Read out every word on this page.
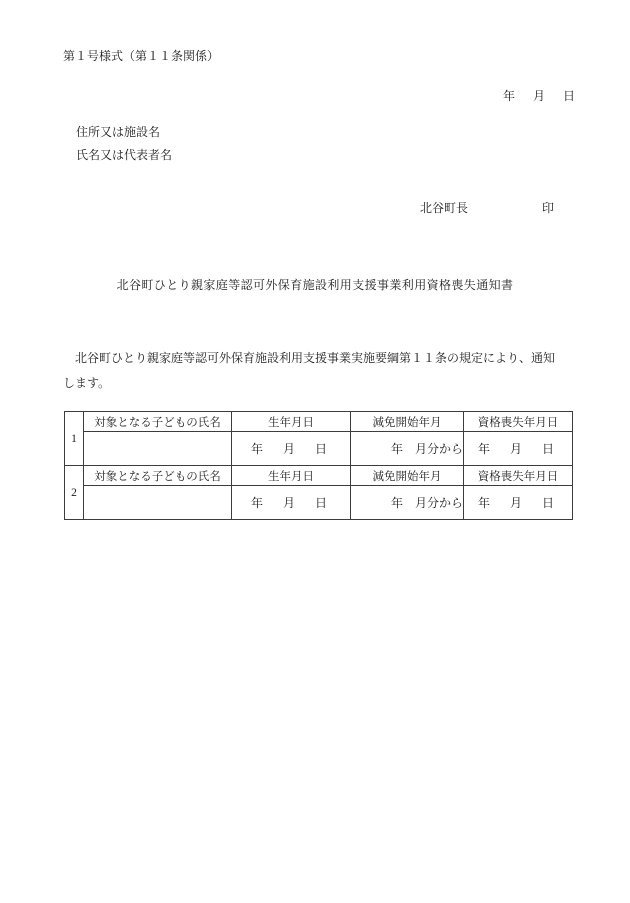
第１号様式（第１１条関係）
年　月　日
住所又は施設名
氏名又は代表者名
北谷町長	印
北谷町ひとり親家庭等認可外保育施設利用支援事業利用資格喪失通知書
　北谷町ひとり親家庭等認可外保育施設利用支援事業実施要綱第１１条の規定により、通知
します。
1	対象となる子どもの氏名	生年月日	減免開始年月	資格喪失年月日
		年　月　日	年　月分から	年　月　日
2	対象となる子どもの氏名	生年月日	減免開始年月	資格喪失年月日
		年　月　日	年　月分から	年　月　日
